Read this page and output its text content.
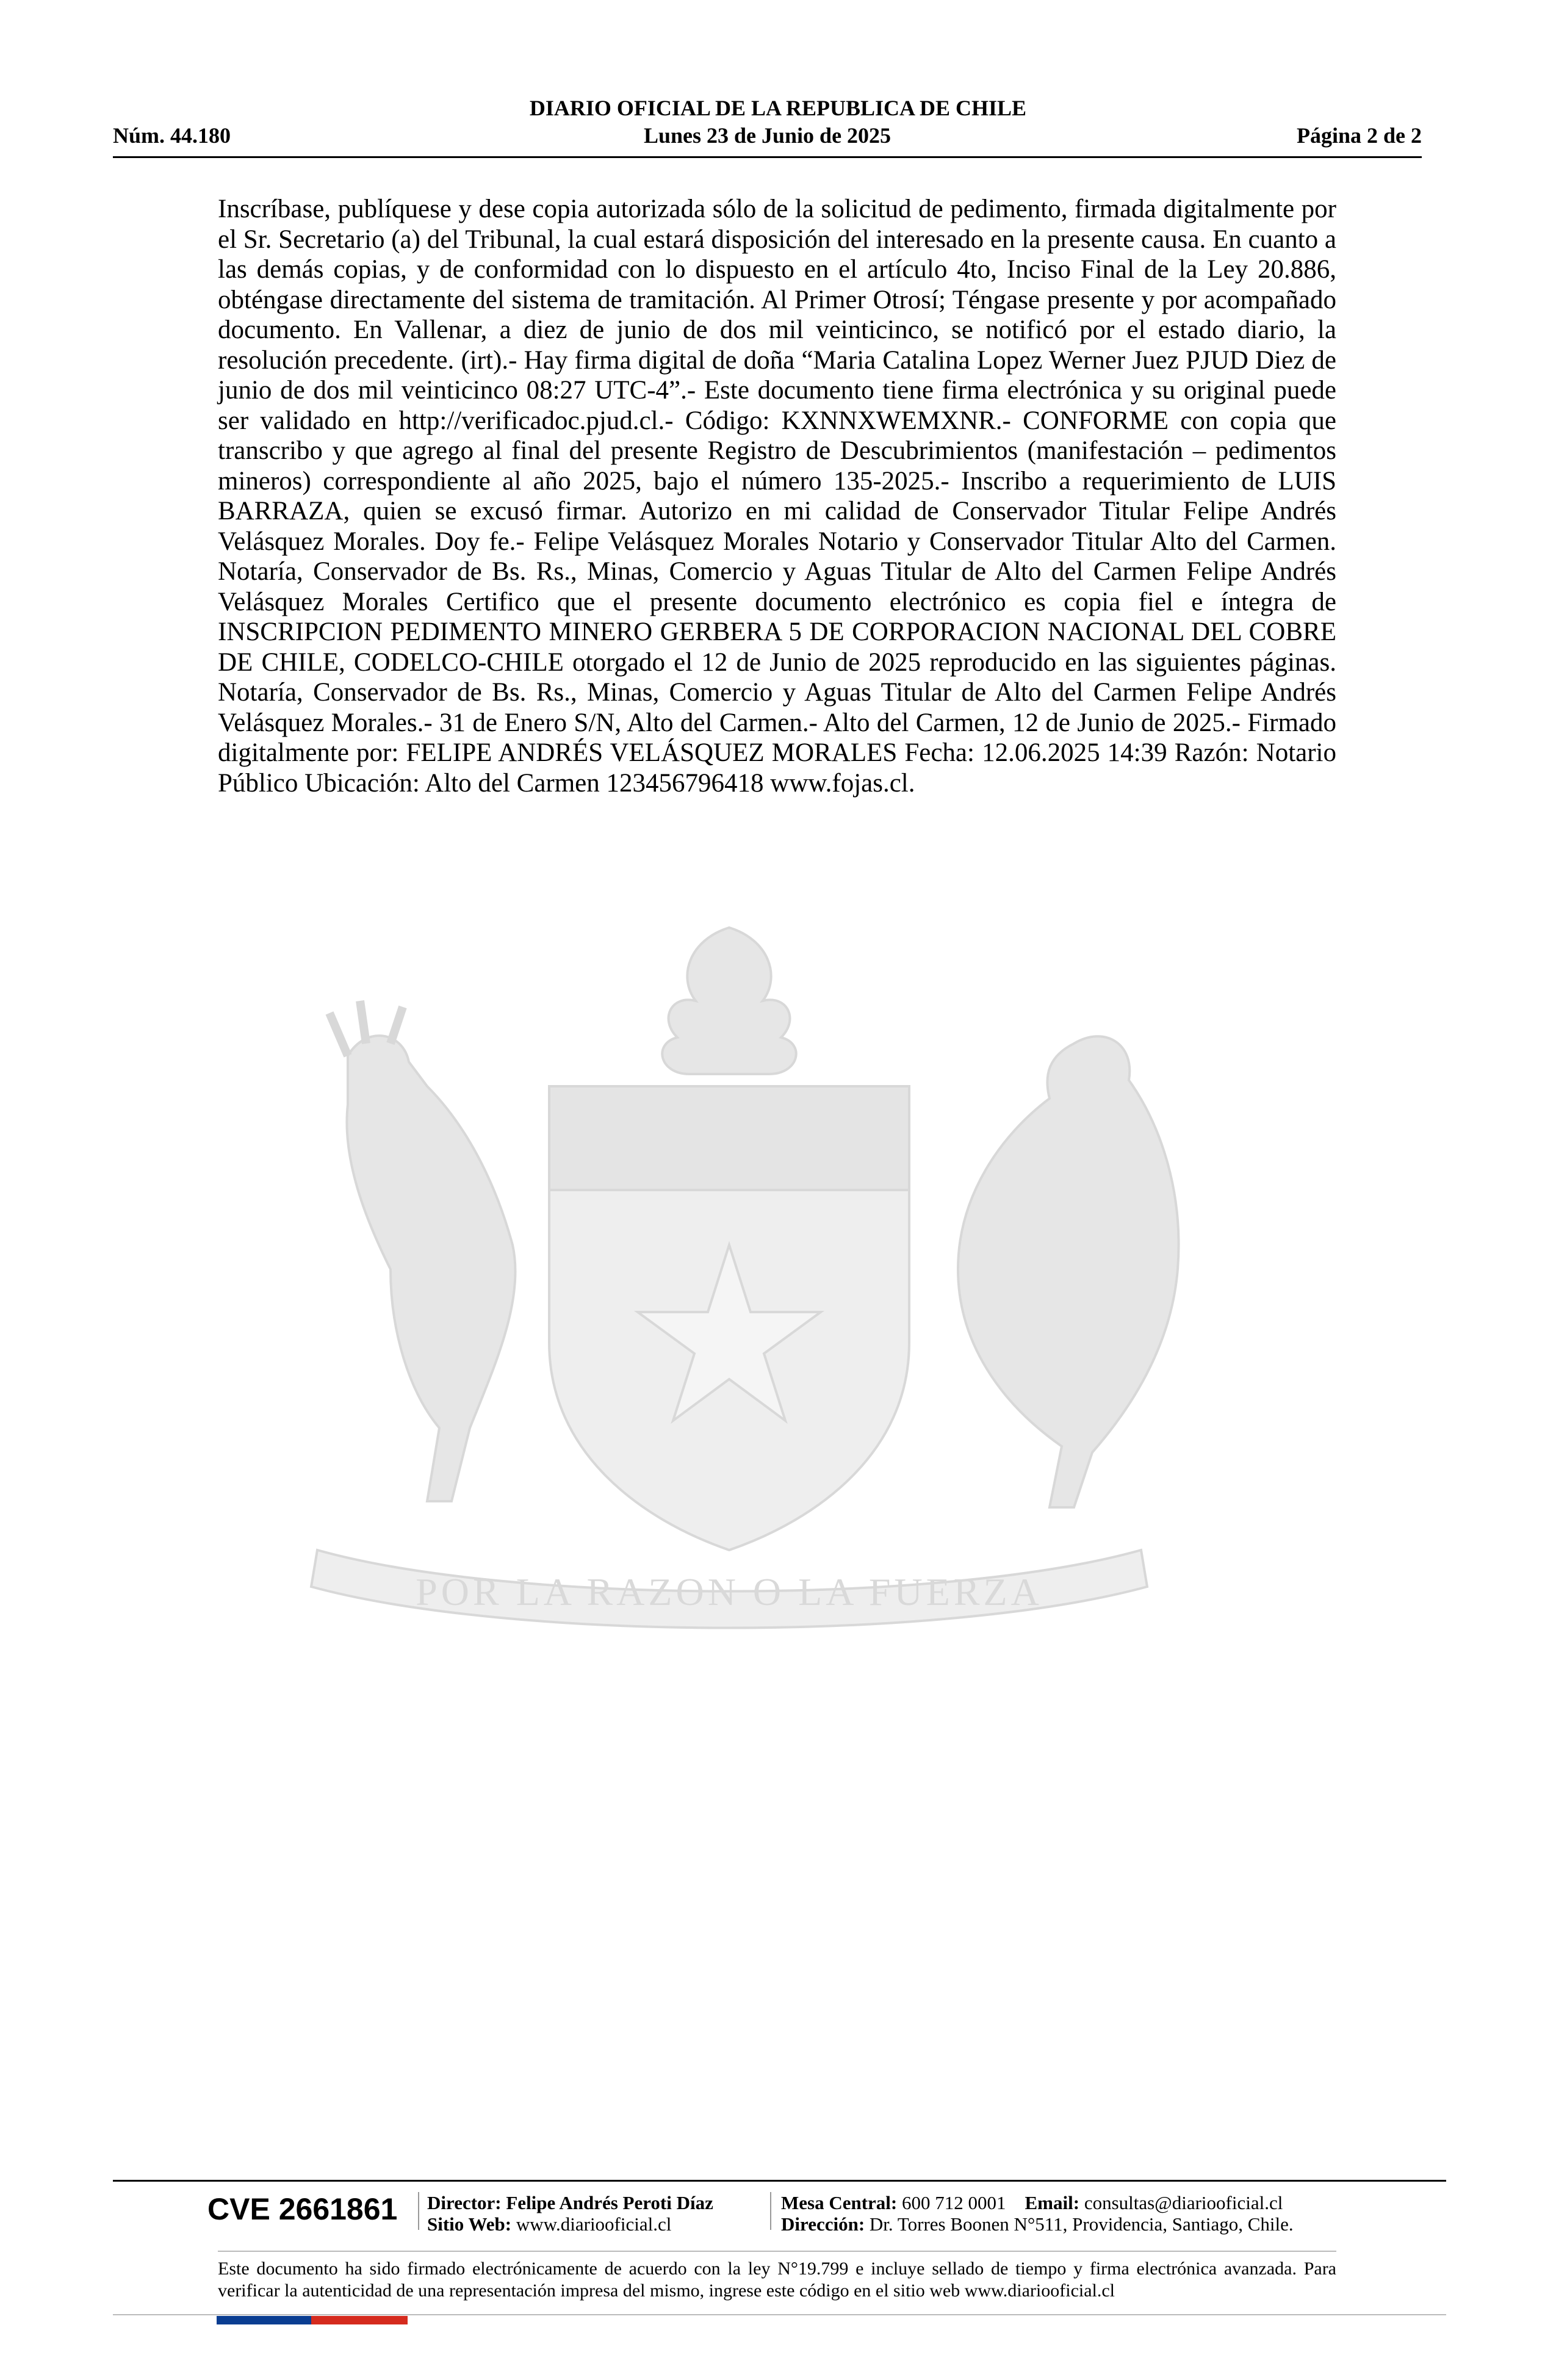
DIARIO OFICIAL DE LA REPUBLICA DE CHILE
Lunes 23 de Junio de 2025
Núm. 44.180	Página 2 de 2

Inscríbase, publíquese y dese copia autorizada sólo de la solicitud de pedimento, firmada digitalmente por el Sr. Secretario (a) del Tribunal, la cual estará disposición del interesado en la presente causa. En cuanto a las demás copias, y de conformidad con lo dispuesto en el artículo 4to, Inciso Final de la Ley 20.886, obténgase directamente del sistema de tramitación. Al Primer Otrosí; Téngase presente y por acompañado documento. En Vallenar, a diez de junio de dos mil veinticinco, se notificó por el estado diario, la resolución precedente. (irt).- Hay firma digital de doña “Maria Catalina Lopez Werner Juez PJUD Diez de junio de dos mil veinticinco 08:27 UTC-4”.- Este documento tiene firma electrónica y su original puede ser validado en http://verificadoc.pjud.cl.- Código: KXNNXWEMXNR.- CONFORME con copia que transcribo y que agrego al final del presente Registro de Descubrimientos (manifestación – pedimentos mineros) correspondiente al año 2025, bajo el número 135-2025.- Inscribo a requerimiento de LUIS BARRAZA, quien se excusó firmar. Autorizo en mi calidad de Conservador Titular Felipe Andrés Velásquez Morales. Doy fe.- Felipe Velásquez Morales Notario y Conservador Titular Alto del Carmen. Notaría, Conservador de Bs. Rs., Minas, Comercio y Aguas Titular de Alto del Carmen Felipe Andrés Velásquez Morales Certifico que el presente documento electrónico es copia fiel e íntegra de INSCRIPCION PEDIMENTO MINERO GERBERA 5 DE CORPORACION NACIONAL DEL COBRE DE CHILE, CODELCO-CHILE otorgado el 12 de Junio de 2025 reproducido en las siguientes páginas. Notaría, Conservador de Bs. Rs., Minas, Comercio y Aguas Titular de Alto del Carmen Felipe Andrés Velásquez Morales.- 31 de Enero S/N, Alto del Carmen.- Alto del Carmen, 12 de Junio de 2025.- Firmado digitalmente por: FELIPE ANDRÉS VELÁSQUEZ MORALES Fecha: 12.06.2025 14:39 Razón: Notario Público Ubicación: Alto del Carmen 123456796418 www.fojas.cl.

POR LA RAZON O LA FUERZA
CVE 2661861	Director: Felipe Andrés Peroti Díaz
Sitio Web: www.diariooficial.cl
Mesa Central: 600 712 0001 Email: consultas@diariooficial.cl
Dirección: Dr. Torres Boonen N°511, Providencia, Santiago, Chile.

Este documento ha sido firmado electrónicamente de acuerdo con la ley N°19.799 e incluye sellado de tiempo y firma electrónica avanzada. Para verificar la autenticidad de una representación impresa del mismo, ingrese este código en el sitio web www.diariooficial.cl
